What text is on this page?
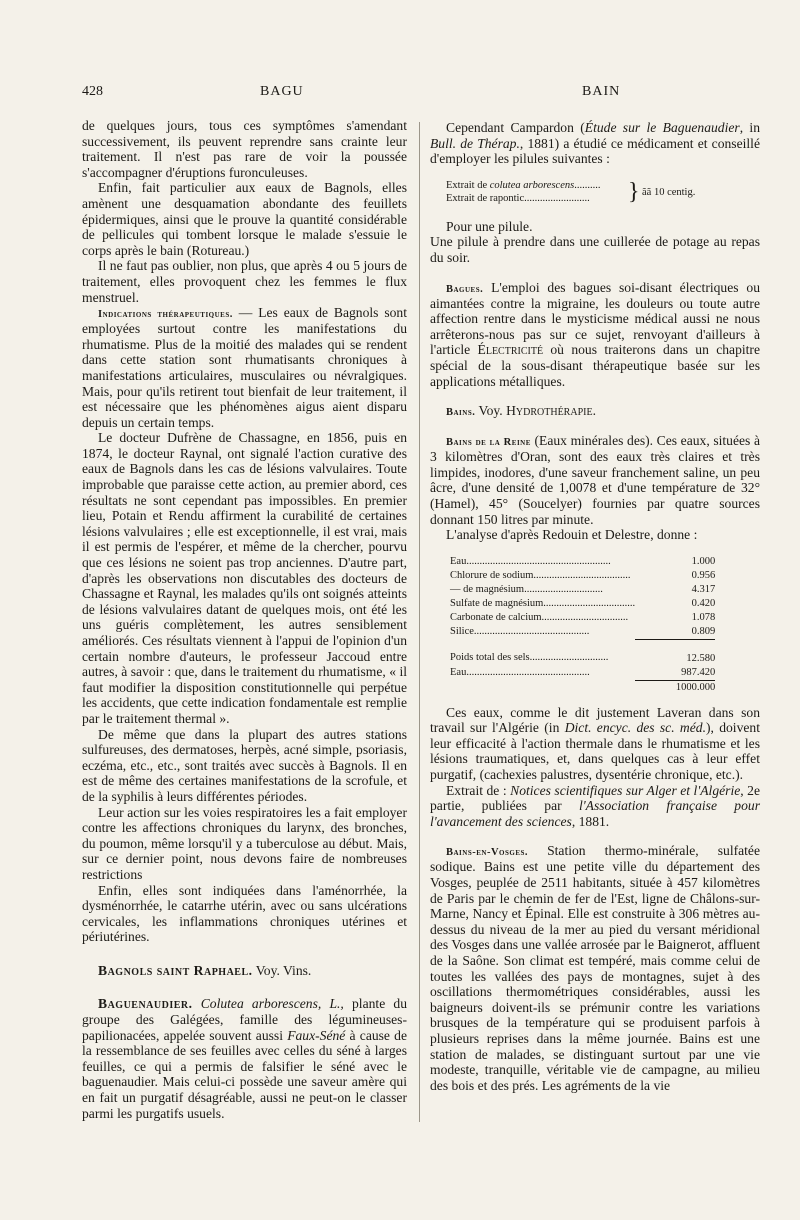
428	BAGU	BAIN

de quelques jours, tous ces symptômes s'amendant successivement, ils peuvent reprendre sans crainte leur traitement. Il n'est pas rare de voir la poussée s'accompagner d'éruptions furonculeuses.

Enfin, fait particulier aux eaux de Bagnols, elles amènent une desquamation abondante des feuillets épidermiques, ainsi que le prouve la quantité considérable de pellicules qui tombent lorsque le malade s'essuie le corps après le bain (Rotureau.)

Il ne faut pas oublier, non plus, que après 4 ou 5 jours de traitement, elles provoquent chez les femmes le flux menstruel.

Indications thérapeutiques. — Les eaux de Bagnols sont employées surtout contre les manifestations du rhumatisme. Plus de la moitié des malades qui se rendent dans cette station sont rhumatisants chroniques à manifestations articulaires, musculaires ou névralgiques. Mais, pour qu'ils retirent tout bienfait de leur traitement, il est nécessaire que les phénomènes aigus aient disparu depuis un certain temps.

Le docteur Dufrène de Chassagne, en 1856, puis en 1874, le docteur Raynal, ont signalé l'action curative des eaux de Bagnols dans les cas de lésions valvulaires. Toute improbable que paraisse cette action, au premier abord, ces résultats ne sont cependant pas impossibles. En premier lieu, Potain et Rendu affirment la curabilité de certaines lésions valvulaires ; elle est exceptionnelle, il est vrai, mais il est permis de l'espérer, et même de la chercher, pourvu que ces lésions ne soient pas trop anciennes. D'autre part, d'après les observations non discutables des docteurs de Chassagne et Raynal, les malades qu'ils ont soignés atteints de lésions valvulaires datant de quelques mois, ont été les uns guéris complètement, les autres sensiblement améliorés. Ces résultats viennent à l'appui de l'opinion d'un certain nombre d'auteurs, le professeur Jaccoud entre autres, à savoir : que, dans le traitement du rhumatisme, « il faut modifier la disposition constitutionnelle qui perpétue les accidents, que cette indication fondamentale est remplie par le traitement thermal ».

De même que dans la plupart des autres stations sulfureuses, des dermatoses, herpès, acné simple, psoriasis, eczéma, etc., etc., sont traités avec succès à Bagnols. Il en est de même des certaines manifestations de la scrofule, et de la syphilis à leurs différentes périodes.

Leur action sur les voies respiratoires les a fait employer contre les affections chroniques du larynx, des bronches, du poumon, même lorsqu'il y a tuberculose au début. Mais, sur ce dernier point, nous devons faire de nombreuses restrictions

Enfin, elles sont indiquées dans l'aménorrhée, la dysménorrhée, le catarrhe utérin, avec ou sans ulcérations cervicales, les inflammations chroniques utérines et périutérines.

Bagnols saint Raphael. Voy. Vins.

Baguenaudier. Colutea arborescens, L., plante du groupe des Galégées, famille des légumineuses-papilionacées, appelée souvent aussi Faux-Séné à cause de la ressemblance de ses feuilles avec celles du séné à larges feuilles, ce qui a permis de falsifier le séné avec le baguenaudier. Mais celui-ci possède une saveur amère qui en fait un purgatif désagréable, aussi ne peut-on le classer parmi les purgatifs usuels.

Cependant Campardon (Étude sur le Baguenaudier, in Bull. de Thérap., 1881) a étudié ce médicament et conseillé d'employer les pilules suivantes :

Extrait de colutea arborescens..........
Extrait de rapontic......................... } ãã 10 centig.

Pour une pilule.

Une pilule à prendre dans une cuillerée de potage au repas du soir.

Bagues. L'emploi des bagues soi-disant électriques ou aimantées contre la migraine, les douleurs ou toute autre affection rentre dans le mysticisme médical aussi ne nous arrêterons-nous pas sur ce sujet, renvoyant d'ailleurs à l'article Électricité où nous traiterons dans un chapitre spécial de la sous-disant thérapeutique basée sur les applications métalliques.

Bains. Voy. Hydrothérapie.

Bains de la Reine (Eaux minérales des). Ces eaux, situées à 3 kilomètres d'Oran, sont des eaux très claires et très limpides, inodores, d'une saveur franchement saline, un peu âcre, d'une densité de 1,0078 et d'une température de 32° (Hamel), 45° (Soucelyer) fournies par quatre sources donnant 150 litres par minute.

L'analyse d'après Redouin et Delestre, donne :

Eau.......................................................	1.000
Chlorure de sodium.....................................	0.956
— de magnésium..............................	4.317
Sulfate de magnésium...................................	0.420
Carbonate de calcium.................................	1.078
Silice............................................	0.809
Poids total des sels..............................	12.580
Eau...............................................	987.420
	1000.000

Ces eaux, comme le dit justement Laveran dans son travail sur l'Algérie (in Dict. encyc. des sc. méd.), doivent leur efficacité à l'action thermale dans le rhumatisme et les lésions traumatiques, et, dans quelques cas à leur effet purgatif, (cachexies palustres, dysentérie chronique, etc.).

Extrait de : Notices scientifiques sur Alger et l'Algérie, 2e partie, publiées par l'Association française pour l'avancement des sciences, 1881.

Bains-en-Vosges. Station thermo-minérale, sulfatée sodique. Bains est une petite ville du département des Vosges, peuplée de 2511 habitants, située à 457 kilomètres de Paris par le chemin de fer de l'Est, ligne de Châlons-sur-Marne, Nancy et Épinal. Elle est construite à 306 mètres au-dessus du niveau de la mer au pied du versant méridional des Vosges dans une vallée arrosée par le Baignerot, affluent de la Saône. Son climat est tempéré, mais comme celui de toutes les vallées des pays de montagnes, sujet à des oscillations thermométriques considérables, aussi les baigneurs doivent-ils se prémunir contre les variations brusques de la température qui se produisent parfois à plusieurs reprises dans la même journée. Bains est une station de malades, se distinguant surtout par une vie modeste, tranquille, véritable vie de campagne, au milieu des bois et des prés. Les agréments de la vie
